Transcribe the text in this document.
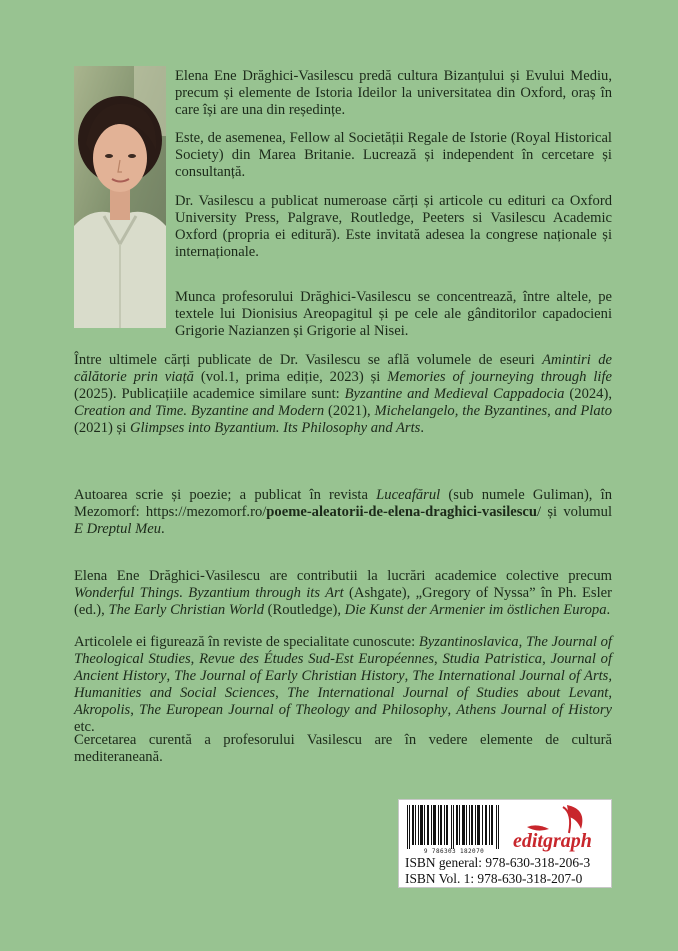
Elena Ene Drăghici-Vasilescu predă cultura Bizanțului și Evului Mediu, precum și elemente de Istoria Ideilor la universitatea din Oxford, oraș în care își are una din reședințe.

Este, de asemenea, Fellow al Societății Regale de Istorie (Royal Historical Society) din Marea Britanie. Lucrează și independent în cercetare și consultanță.

Dr. Vasilescu a publicat numeroase cărți și articole cu edituri ca Oxford University Press, Palgrave, Routledge, Peeters si Vasilescu Academic Oxford (propria ei editură). Este invitată adesea la congrese naționale și internaționale.

Munca profesorului Drăghici-Vasilescu se concentrează, între altele, pe textele lui Dionisius Areopagitul și pe cele ale gânditorilor capadocieni Grigorie Nazianzen și Grigorie al Nisei.

Între ultimele cărți publicate de Dr. Vasilescu se află volumele de eseuri Amintiri de călătorie prin viață (vol.1, prima ediție, 2023) și Memories of journeying through life (2025). Publicațiile academice similare sunt: Byzantine and Medieval Cappadocia (2024), Creation and Time. Byzantine and Modern (2021), Michelangelo, the Byzantines, and Plato (2021) și Glimpses into Byzantium. Its Philosophy and Arts.

Autoarea scrie și poezie; a publicat în revista Luceafărul (sub numele Guliman), în Mezomorf: https://mezomorf.ro/poeme-aleatorii-de-elena-draghici-vasilescu/ și volumul E Dreptul Meu.

Elena Ene Drăghici-Vasilescu are contributii la lucrări academice colective precum Wonderful Things. Byzantium through its Art (Ashgate), „Gregory of Nyssa” în Ph. Esler (ed.), The Early Christian World (Routledge), Die Kunst der Armenier im östlichen Europa.

Articolele ei figurează în reviste de specialitate cunoscute: Byzantinoslavica, The Journal of Theological Studies, Revue des Études Sud-Est Européennes, Studia Patristica, Journal of Ancient History, The Journal of Early Christian History, The International Journal of Arts, Humanities and Social Sciences, The International Journal of Studies about Levant, Akropolis, The European Journal of Theology and Philosophy, Athens Journal of History etc.

Cercetarea curentă a profesorului Vasilescu are în vedere elemente de cultură mediteraneană.

9 786303 182070	editgraph
ISBN general: 978-630-318-206-3
ISBN Vol. 1: 978-630-318-207-0
